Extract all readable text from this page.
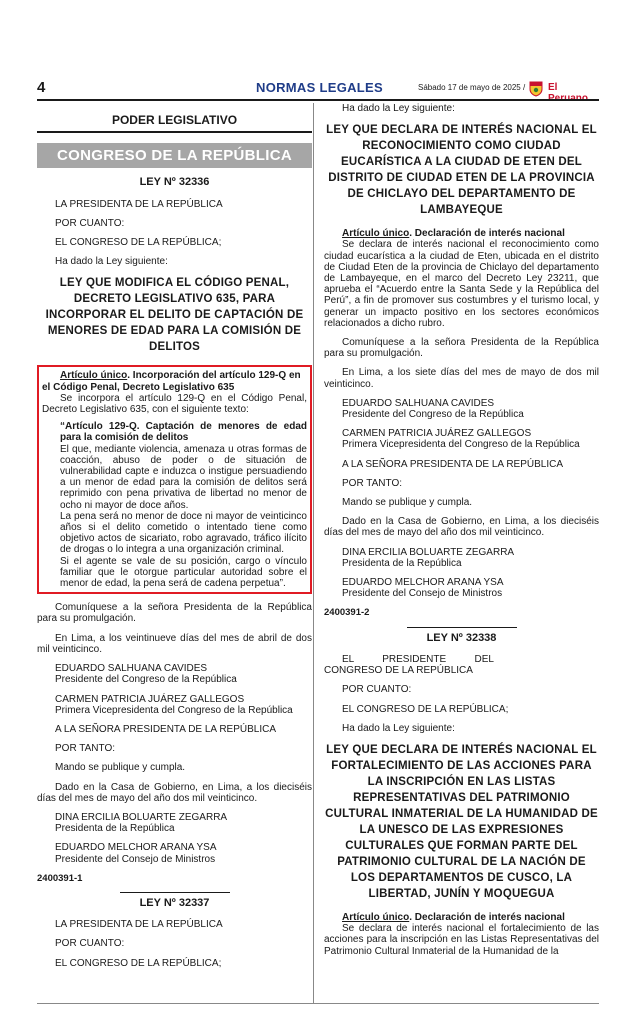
4	NORMAS LEGALES	Sábado 17 de mayo de 2025 / El
PODER LEGISLATIVO
CONGRESO DE LA REPÚBLICA
LEY Nº 32336
LA PRESIDENTA DE LA REPÚBLICA
POR CUANTO:
EL CONGRESO DE LA REPÚBLICA;
Ha dado la Ley siguiente:
LEY QUE MODIFICA EL CÓDIGO PENAL, DECRETO LEGISLATIVO 635, PARA INCORPORAR EL DELITO DE CAPTACIÓN DE MENORES DE EDAD PARA LA COMISIÓN DE DELITOS
Artículo único. Incorporación del artículo 129-Q en el Código Penal, Decreto Legislativo 635
Se incorpora el artículo 129-Q en el Código Penal, Decreto Legislativo 635, con el siguiente texto:
“Artículo 129-Q. Captación de menores de edad para la comisión de delitos
El que, mediante violencia, amenaza u otras formas de coacción, abuso de poder o de situación de vulnerabilidad capte e induzca o instigue persuadiendo a un menor de edad para la comisión de delitos será reprimido con pena privativa de libertad no menor de ocho ni mayor de doce años.
La pena será no menor de doce ni mayor de veinticinco años si el delito cometido o intentado tiene como objetivo actos de sicariato, robo agravado, tráfico ilícito de drogas o lo integra a una organización criminal.
Si el agente se vale de su posición, cargo o vínculo familiar que le otorgue particular autoridad sobre el menor de edad, la pena será de cadena perpetua”.
Comuníquese a la señora Presidenta de la República para su promulgación.
En Lima, a los veintinueve días del mes de abril de dos mil veinticinco.
EDUARDO SALHUANA CAVIDES
Presidente del Congreso de la República
CARMEN PATRICIA JUÁREZ GALLEGOS
Primera Vicepresidenta del Congreso de la República
A LA SEÑORA PRESIDENTA DE LA REPÚBLICA
POR TANTO:
Mando se publique y cumpla.
Dado en la Casa de Gobierno, en Lima, a los dieciséis días del mes de mayo del año dos mil veinticinco.
DINA ERCILIA BOLUARTE ZEGARRA
Presidenta de la República
EDUARDO MELCHOR ARANA YSA
Presidente del Consejo de Ministros
2400391-1
LEY Nº 32337
LA PRESIDENTA DE LA REPÚBLICA
POR CUANTO:
EL CONGRESO DE LA REPÚBLICA;
Ha dado la Ley siguiente:
LEY QUE DECLARA DE INTERÉS NACIONAL EL RECONOCIMIENTO COMO CIUDAD EUCARÍSTICA A LA CIUDAD DE ETEN DEL DISTRITO DE CIUDAD ETEN DE LA PROVINCIA DE CHICLAYO DEL DEPARTAMENTO DE LAMBAYEQUE
Artículo único. Declaración de interés nacional
Se declara de interés nacional el reconocimiento como ciudad eucarística a la ciudad de Eten, ubicada en el distrito de Ciudad Eten de la provincia de Chiclayo del departamento de Lambayeque, en el marco del Decreto Ley 23211, que aprueba el “Acuerdo entre la Santa Sede y la República del Perú”, a fin de promover sus costumbres y el turismo local, y generar un impacto positivo en los sectores económicos relacionados a dicho rubro.
Comuníquese a la señora Presidenta de la República para su promulgación.
En Lima, a los siete días del mes de mayo de dos mil veinticinco.
EDUARDO SALHUANA CAVIDES
Presidente del Congreso de la República
CARMEN PATRICIA JUÁREZ GALLEGOS
Primera Vicepresidenta del Congreso de la República
A LA SEÑORA PRESIDENTA DE LA REPÚBLICA
POR TANTO:
Mando se publique y cumpla.
Dado en la Casa de Gobierno, en Lima, a los dieciséis días del mes de mayo del año dos mil veinticinco.
DINA ERCILIA BOLUARTE ZEGARRA
Presidenta de la República
EDUARDO MELCHOR ARANA YSA
Presidente del Consejo de Ministros
2400391-2
LEY Nº 32338
EL PRESIDENTE DEL CONGRESO DE LA REPÚBLICA
POR CUANTO:
EL CONGRESO DE LA REPÚBLICA;
Ha dado la Ley siguiente:
LEY QUE DECLARA DE INTERÉS NACIONAL EL FORTALECIMIENTO DE LAS ACCIONES PARA LA INSCRIPCIÓN EN LAS LISTAS REPRESENTATIVAS DEL PATRIMONIO CULTURAL INMATERIAL DE LA HUMANIDAD DE LA UNESCO DE LAS EXPRESIONES CULTURALES QUE FORMAN PARTE DEL PATRIMONIO CULTURAL DE LA NACIÓN DE LOS DEPARTAMENTOS DE CUSCO, LA LIBERTAD, JUNÍN Y MOQUEGUA
Artículo único. Declaración de interés nacional
Se declara de interés nacional el fortalecimiento de las acciones para la inscripción en las Listas Representativas del Patrimonio Cultural Inmaterial de la Humanidad de la
